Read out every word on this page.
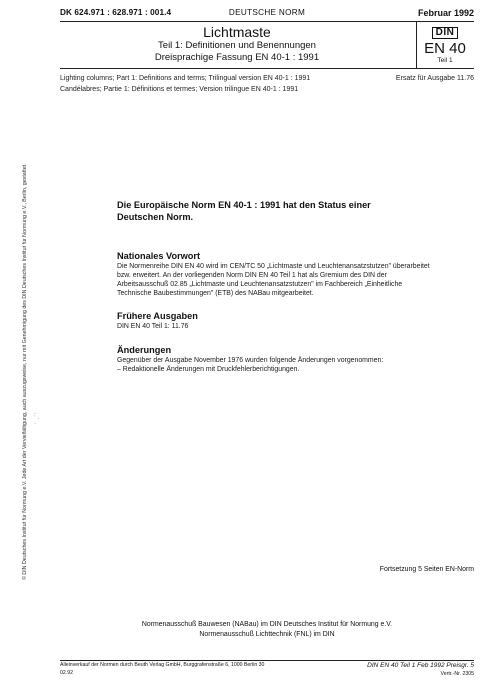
DK 624.971 : 628.971 : 001.4	DEUTSCHE NORM	Februar 1992
Lichtmaste
Teil 1: Definitionen und Benennungen
Dreisprachige Fassung EN 40-1 : 1991
DIN
EN 40
Teil 1

Lighting columns; Part 1: Definitions and terms; Trilingual version EN 40-1 : 1991

Candélabres; Partie 1: Définitions et termes; Version trilingue EN 40-1 : 1991

Ersatz für Ausgabe 11.76
© DIN Deutsches Institut für Normung e.V. Jede Art der Vervielfältigung, auch auszugsweise, nur mit Genehmigung des DIN Deutsches Institut für Normung e.V., Berlin, gestattet. ·
˙ ·
·
Die Europäische Norm EN 40-1 : 1991 hat den Status einer Deutschen Norm.
Nationales Vorwort

Die Normenreihe DIN EN 40 wird im CEN/TC 50 „Lichtmaste und Leuchtenansatzstutzen" überarbeitet bzw. erweitert. An der vorliegenden Norm DIN EN 40 Teil 1 hat als Gremium des DIN der Arbeitsausschuß 02.85 „Lichtmaste und Leuchtenansatzstutzen" im Fachbereich „Einheitliche Technische Baubestimmungen" (ETB) des NABau mitgearbeitet.

Frühere Ausgaben

DIN EN 40 Teil 1: 11.76

Änderungen

Gegenüber der Ausgabe November 1976 wurden folgende Änderungen vorgenommen:

– Redaktionelle Änderungen mit Druckfehlerberichtigungen.

Fortsetzung 5 Seiten EN-Norm
Normenausschuß Bauwesen (NABau) im DIN Deutsches Institut für Normung e.V.
Normenausschuß Lichttechnik (FNL) im DIN
Alleinverkauf der Normen durch Beuth Verlag GmbH, Burggrafenstraße 6, 1000 Berlin 30
02.92
DIN EN 40 Teil 1 Feb 1992 Preisgr. 5
Vertr.-Nr. 2305
